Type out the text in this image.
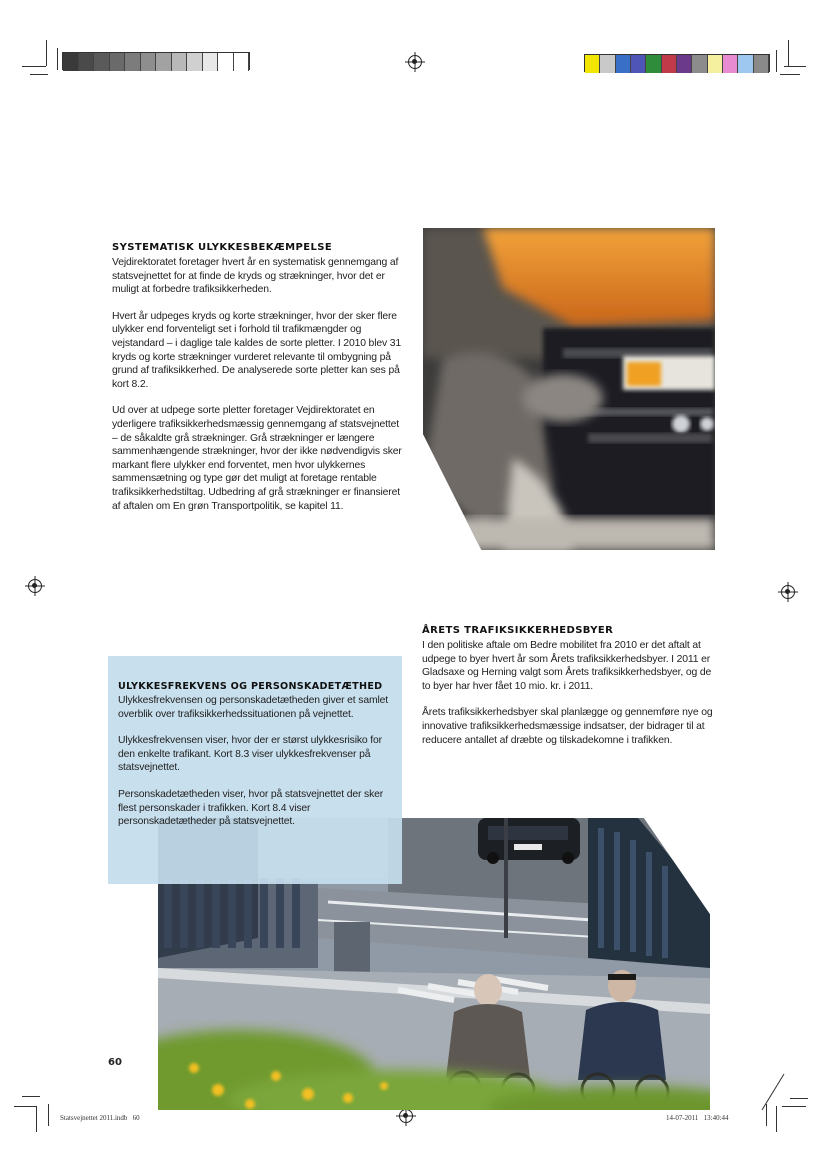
SYSTEMATISK ULYKKESBEKÆMPELSE

Vejdirektoratet foretager hvert år en systematisk gennemgang af statsvejnettet for at finde de kryds og strækninger, hvor det er muligt at forbedre trafiksikkerheden.

Hvert år udpeges kryds og korte strækninger, hvor der sker flere ulykker end forventeligt set i forhold til trafikmængder og vejstandard – i daglige tale kaldes de sorte pletter. I 2010 blev 31 kryds og korte strækninger vurderet relevante til ombygning på grund af trafiksikkerhed. De analyserede sorte pletter kan ses på kort 8.2.

Ud over at udpege sorte pletter foretager Vejdirektoratet en yderligere trafiksikkerhedsmæssig gennemgang af statsvejnettet – de såkaldte grå strækninger. Grå strækninger er længere sammenhængende strækninger, hvor der ikke nødvendigvis sker markant flere ulykker end forventet, men hvor ulykkernes sammensætning og type gør det muligt at foretage rentable trafiksikkerhedstiltag. Udbedring af grå strækninger er finansieret af aftalen om En grøn Transportpolitik, se kapitel 11.

ÅRETS TRAFIKSIKKERHEDSBYER

I den politiske aftale om Bedre mobilitet fra 2010 er det aftalt at udpege to byer hvert år som Årets trafiksikkerhedsbyer. I 2011 er Gladsaxe og Herning valgt som Årets trafiksikkerhedsbyer, og de to byer har hver fået 10 mio. kr. i 2011.

Årets trafiksikkerhedsbyer skal planlægge og gennemføre nye og innovative trafiksikkerhedsmæssige indsatser, der bidrager til at reducere antallet af dræbte og tilskadekomne i trafikken.

ULYKKESFREKVENS OG PERSONSKADETÆTHED

Ulykkesfrekvensen og personskadetætheden giver et samlet overblik over trafiksikkerhedssituationen på vejnettet.

Ulykkesfrekvensen viser, hvor der er størst ulykkesrisiko for den enkelte trafikant. Kort 8.3 viser ulykkesfrekvenser på statsvejnettet.

Personskadetætheden viser, hvor på statsvejnettet der sker flest personskader i trafikken. Kort 8.4 viser personskadetætheder på statsvejnettet.

60
Statsvejnettet 2011.indb   60	14-07-2011   13:40:44
